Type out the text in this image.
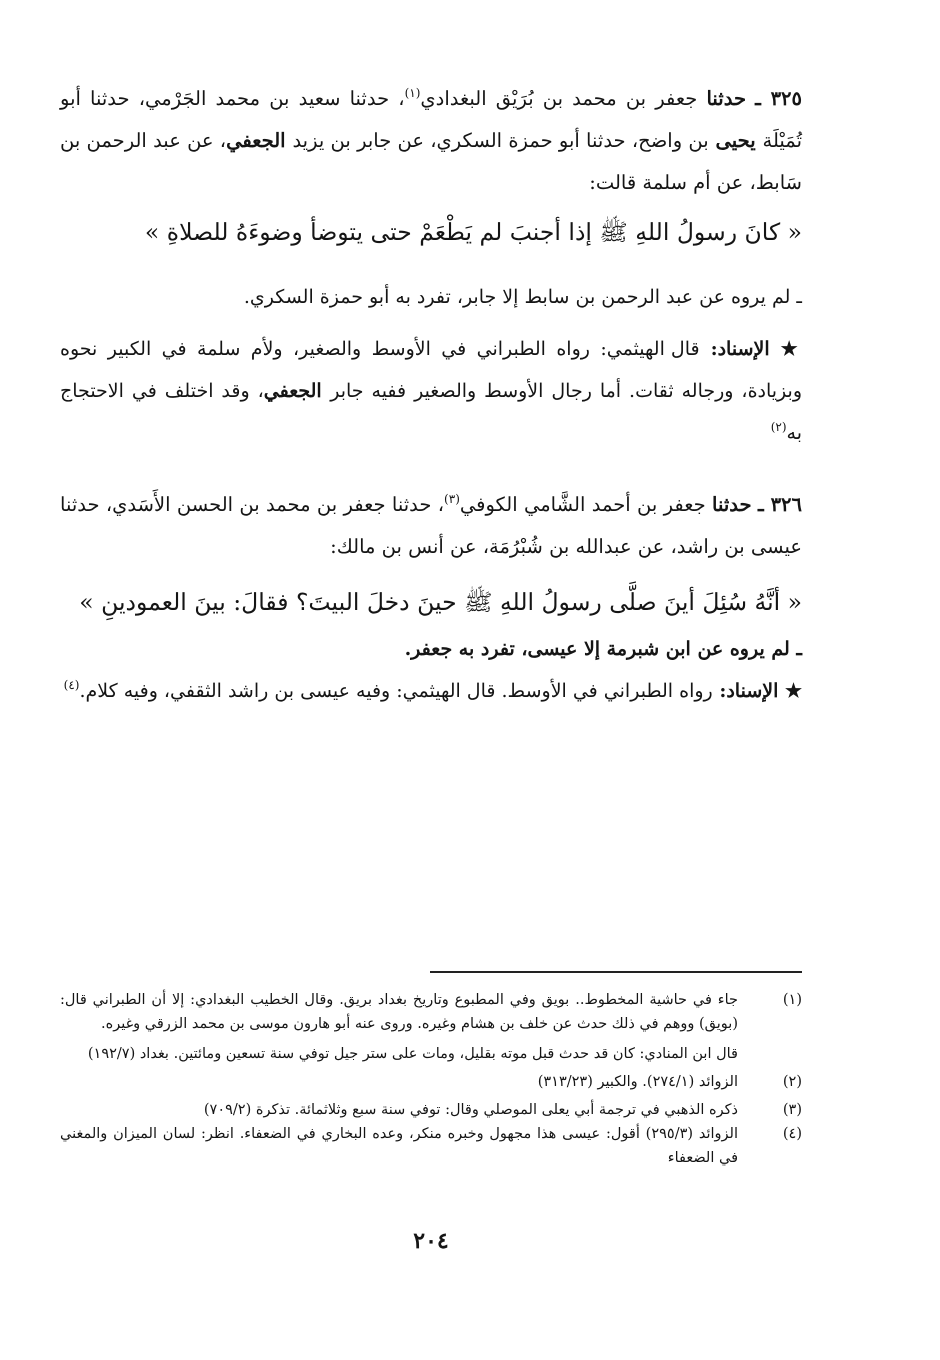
٣٢٥ ـ حدثنا جعفر بن محمد بن بُرَيْق البغدادي$^{(١)}$، حدثنا سعيد بن محمد الجَرْمي، حدثنا أبو تُمَيْلَة يحيى بن واضح، حدثنا أبو حمزة السكري، عن جابر بن يزيد الجعفي، عن عبد الرحمن بن سَابط، عن أم سلمة قالت:
« كانَ رسولُ اللهِ ﷺ إذا أجنبَ لم يَطْعَمْ حتى يتوضأ وضوءَهُ للصلاةِ »
ـ لم يروه عن عبد الرحمن بن سابط إلا جابر، تفرد به أبو حمزة السكري.
★ الإسناد: قال الهيثمي: رواه الطبراني في الأوسط والصغير، ولأم سلمة في الكبير نحوه وبزيادة، ورجاله ثقات. أما رجال الأوسط والصغير ففيه جابر الجعفي، وقد اختلف في الاحتجاج به$^{(٢)}$
٣٢٦ ـ حدثنا جعفر بن أحمد الشَّامي الكوفي$^{(٣)}$، حدثنا جعفر بن محمد بن الحسن الأَسَدي، حدثنا عيسى بن راشد، عن عبدالله بن شُبْرُمَة، عن أنس بن مالك:
« أنَّهُ سُئِلَ أينَ صلَّى رسولُ اللهِ ﷺ حينَ دخلَ البيتَ؟ فقالَ: بينَ العمودينِ »
ـ لم يروه عن ابن شبرمة إلا عيسى، تفرد به جعفر.
★ الإسناد: رواه الطبراني في الأوسط. قال الهيثمي: وفيه عيسى بن راشد الثقفي، وفيه كلام.$^{(٤)}$
(١)
جاء في حاشية المخطوط.. بويق وفي المطبوع وتاريخ بغداد بريق. وقال الخطيب البغدادي: إلا أن الطبراني قال: (بويق) ووهم في ذلك حدث عن خلف بن هشام وغيره. وروى عنه أبو هارون موسى بن محمد الزرقي وغيره.
قال ابن المنادي: كان قد حدث قبل موته بقليل، ومات على ستر جيل توفي سنة تسعين ومائتين. بغداد (١٩٢/٧)
(٢)
الزوائد (٢٧٤/١). والكبير (٣١٣/٢٣)
(٣)
ذكره الذهبي في ترجمة أبي يعلى الموصلي وقال: توفي سنة سبع وثلاثمائة. تذكرة (٧٠٩/٢)
(٤)
الزوائد (٢٩٥/٣) أقول: عيسى هذا مجهول وخبره منكر، وعده البخاري في الضعفاء. انظر: لسان الميزان والمغني في الضعفاء
٢٠٤
